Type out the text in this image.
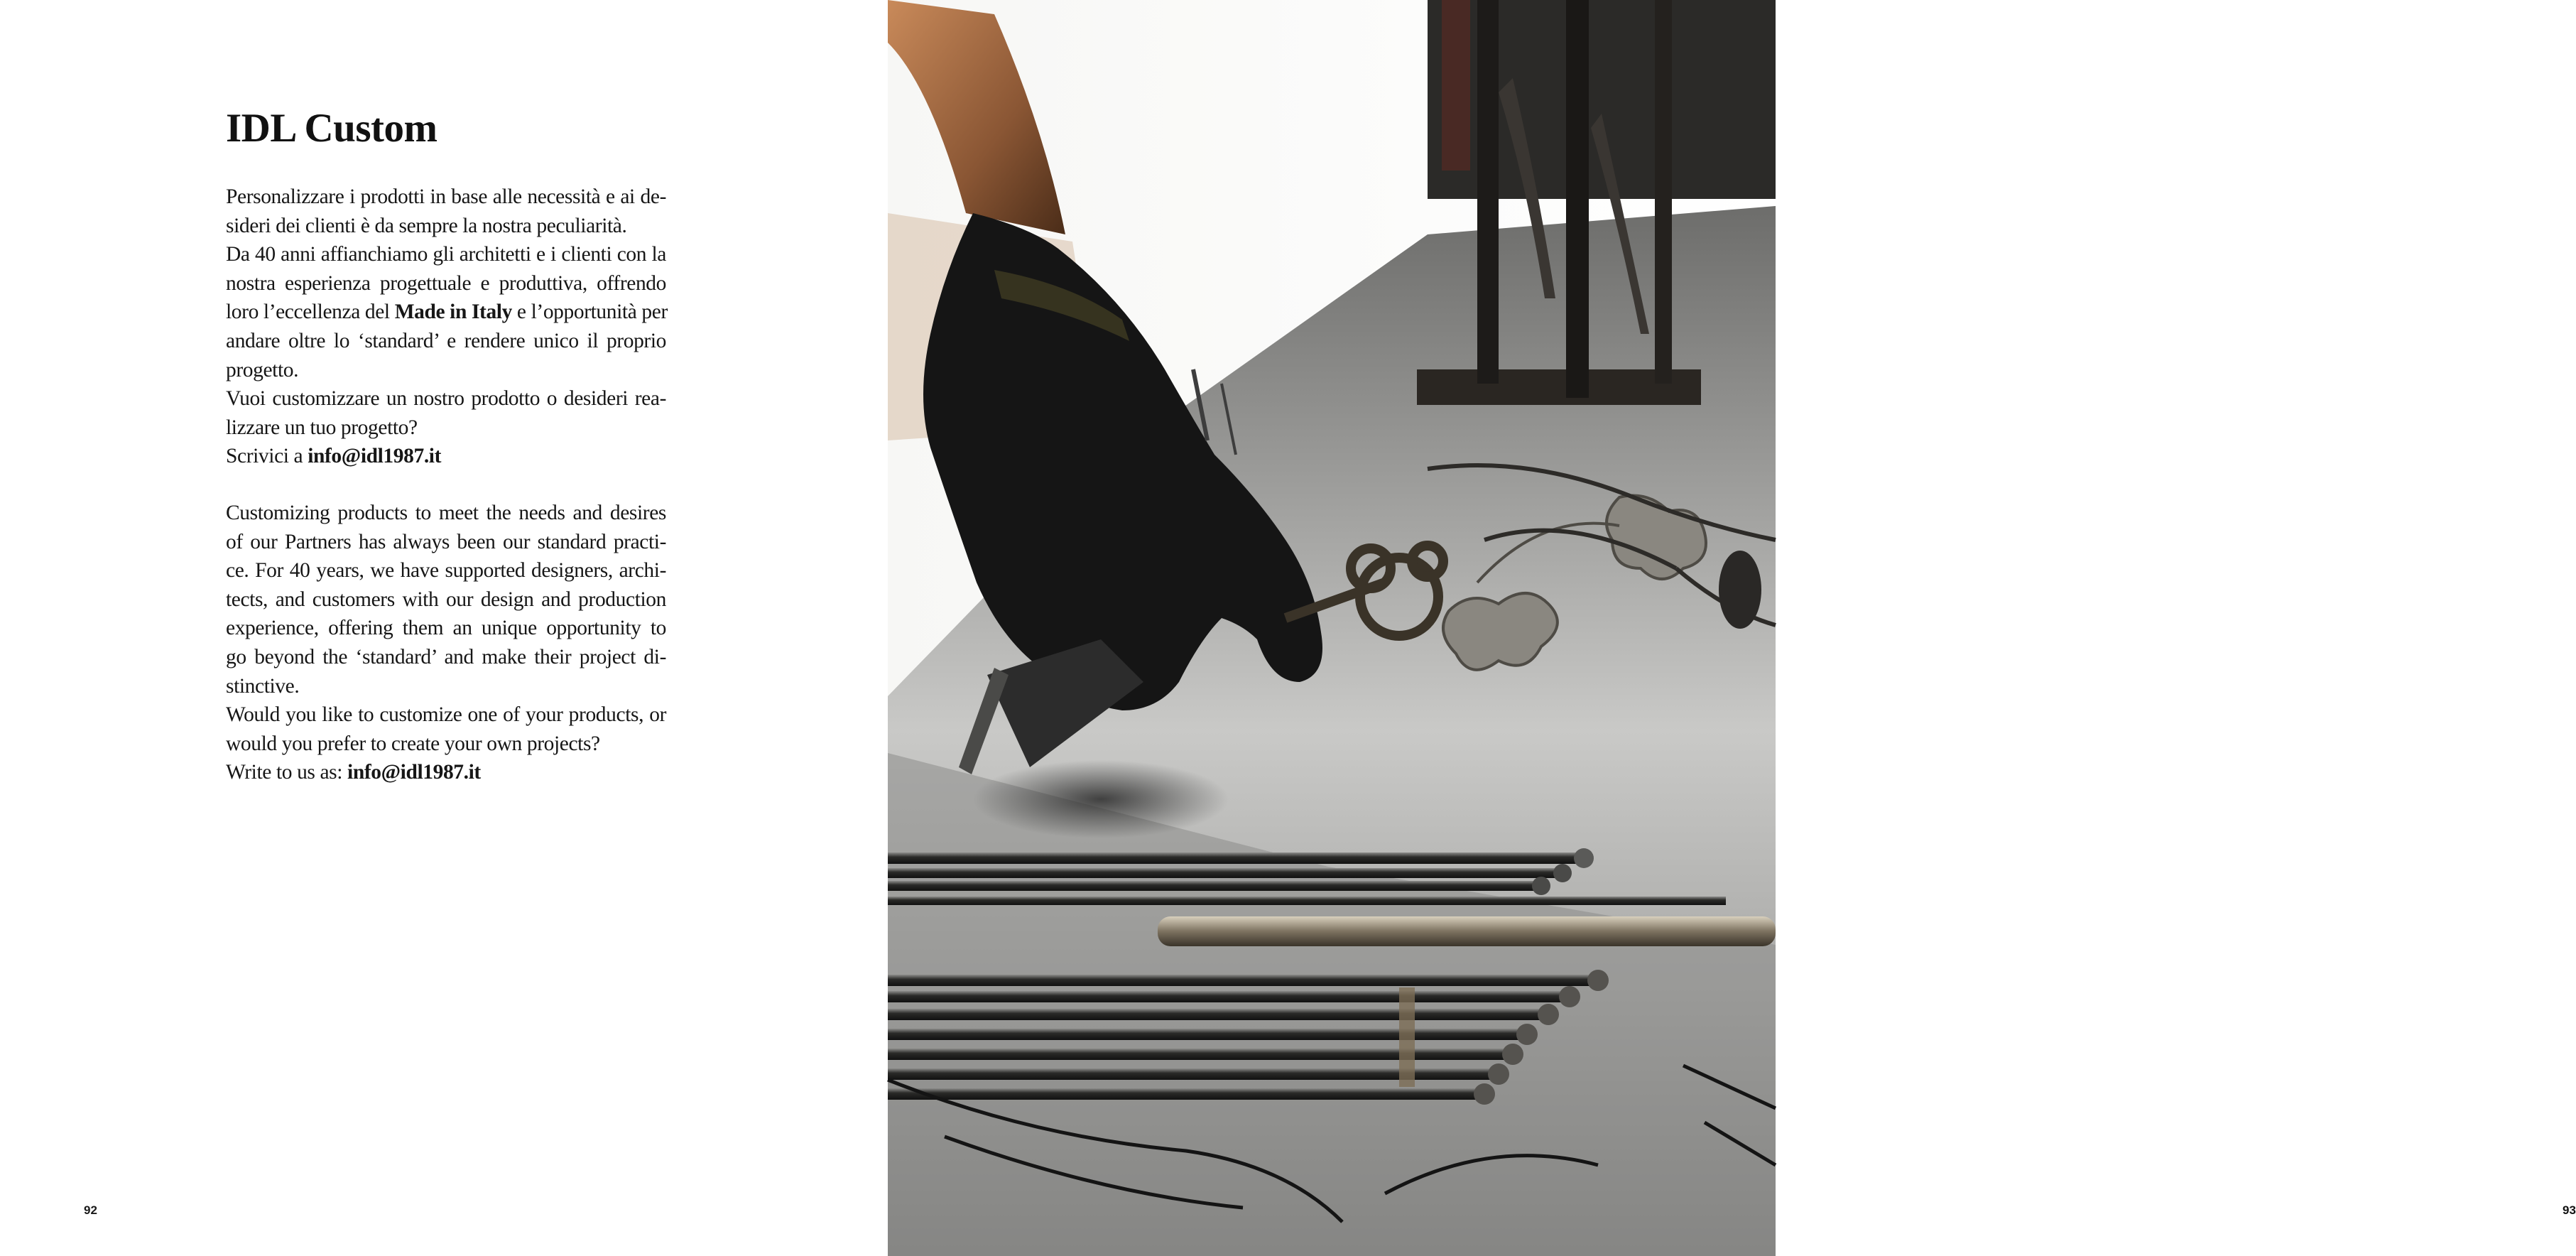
IDL Custom
Personalizzare i prodotti in base alle necessità e ai de-
sideri dei clienti è da sempre la nostra peculiarità.
Da 40 anni affianchiamo gli architetti e i clienti con la
nostra esperienza progettuale e produttiva, offrendo
loro l’eccellenza del Made in Italy e l’opportunità per
andare oltre lo ‘standard’ e rendere unico il proprio
progetto.
Vuoi customizzare un nostro prodotto o desideri rea-
lizzare un tuo progetto?
Scrivici a info@idl1987.it
Customizing products to meet the needs and desires
of our Partners has always been our standard practi-
ce. For 40 years, we have supported designers, archi-
tects, and customers with our design and production
experience, offering them an unique opportunity to
go beyond the ‘standard’ and make their project di-
stinctive.
Would you like to customize one of your products, or
would you prefer to create your own projects?
Write to us as: info@idl1987.it
92	93
